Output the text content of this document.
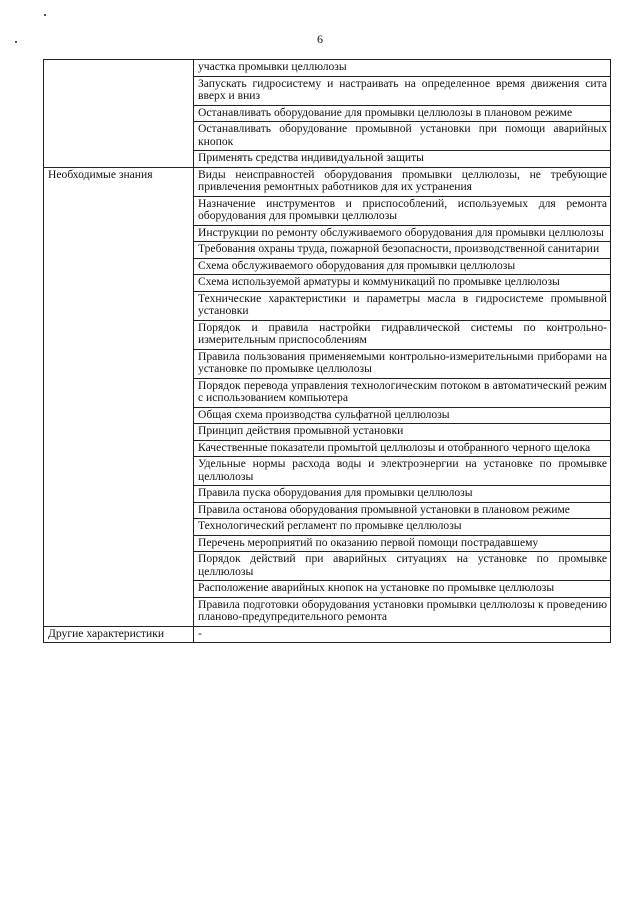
6
	участка промывки целлюлозы
	Запускать гидросистему и настраивать на определенное время движения сита вверх и вниз
	Останавливать оборудование для промывки целлюлозы в плановом режиме
	Останавливать оборудование промывной установки при помощи аварийных кнопок
	Применять средства индивидуальной защиты
Необходимые знания	Виды неисправностей оборудования промывки целлюлозы, не требующие привлечения ремонтных работников для их устранения
	Назначение инструментов и приспособлений, используемых для ремонта оборудования для промывки целлюлозы
	Инструкции по ремонту обслуживаемого оборудования для промывки целлюлозы
	Требования охраны труда, пожарной безопасности, производственной санитарии
	Схема обслуживаемого оборудования для промывки целлюлозы
	Схема используемой арматуры и коммуникаций по промывке целлюлозы
	Технические характеристики и параметры масла в гидросистеме промывной установки
	Порядок и правила настройки гидравлической системы по контрольно-измерительным приспособлениям
	Правила пользования применяемыми контрольно-измерительными приборами на установке по промывке целлюлозы
	Порядок перевода управления технологическим потоком в автоматический режим с использованием компьютера
	Общая схема производства сульфатной целлюлозы
	Принцип действия промывной установки
	Качественные показатели промытой целлюлозы и отобранного черного щелока
	Удельные нормы расхода воды и электроэнергии на установке по промывке целлюлозы
	Правила пуска оборудования для промывки целлюлозы
	Правила останова оборудования промывной установки в плановом режиме
	Технологический регламент по промывке целлюлозы
	Перечень мероприятий по оказанию первой помощи пострадавшему
	Порядок действий при аварийных ситуациях на установке по промывке целлюлозы
	Расположение аварийных кнопок на установке по промывке целлюлозы
	Правила подготовки оборудования установки промывки целлюлозы к проведению планово-предупредительного ремонта
Другие характеристики	-
